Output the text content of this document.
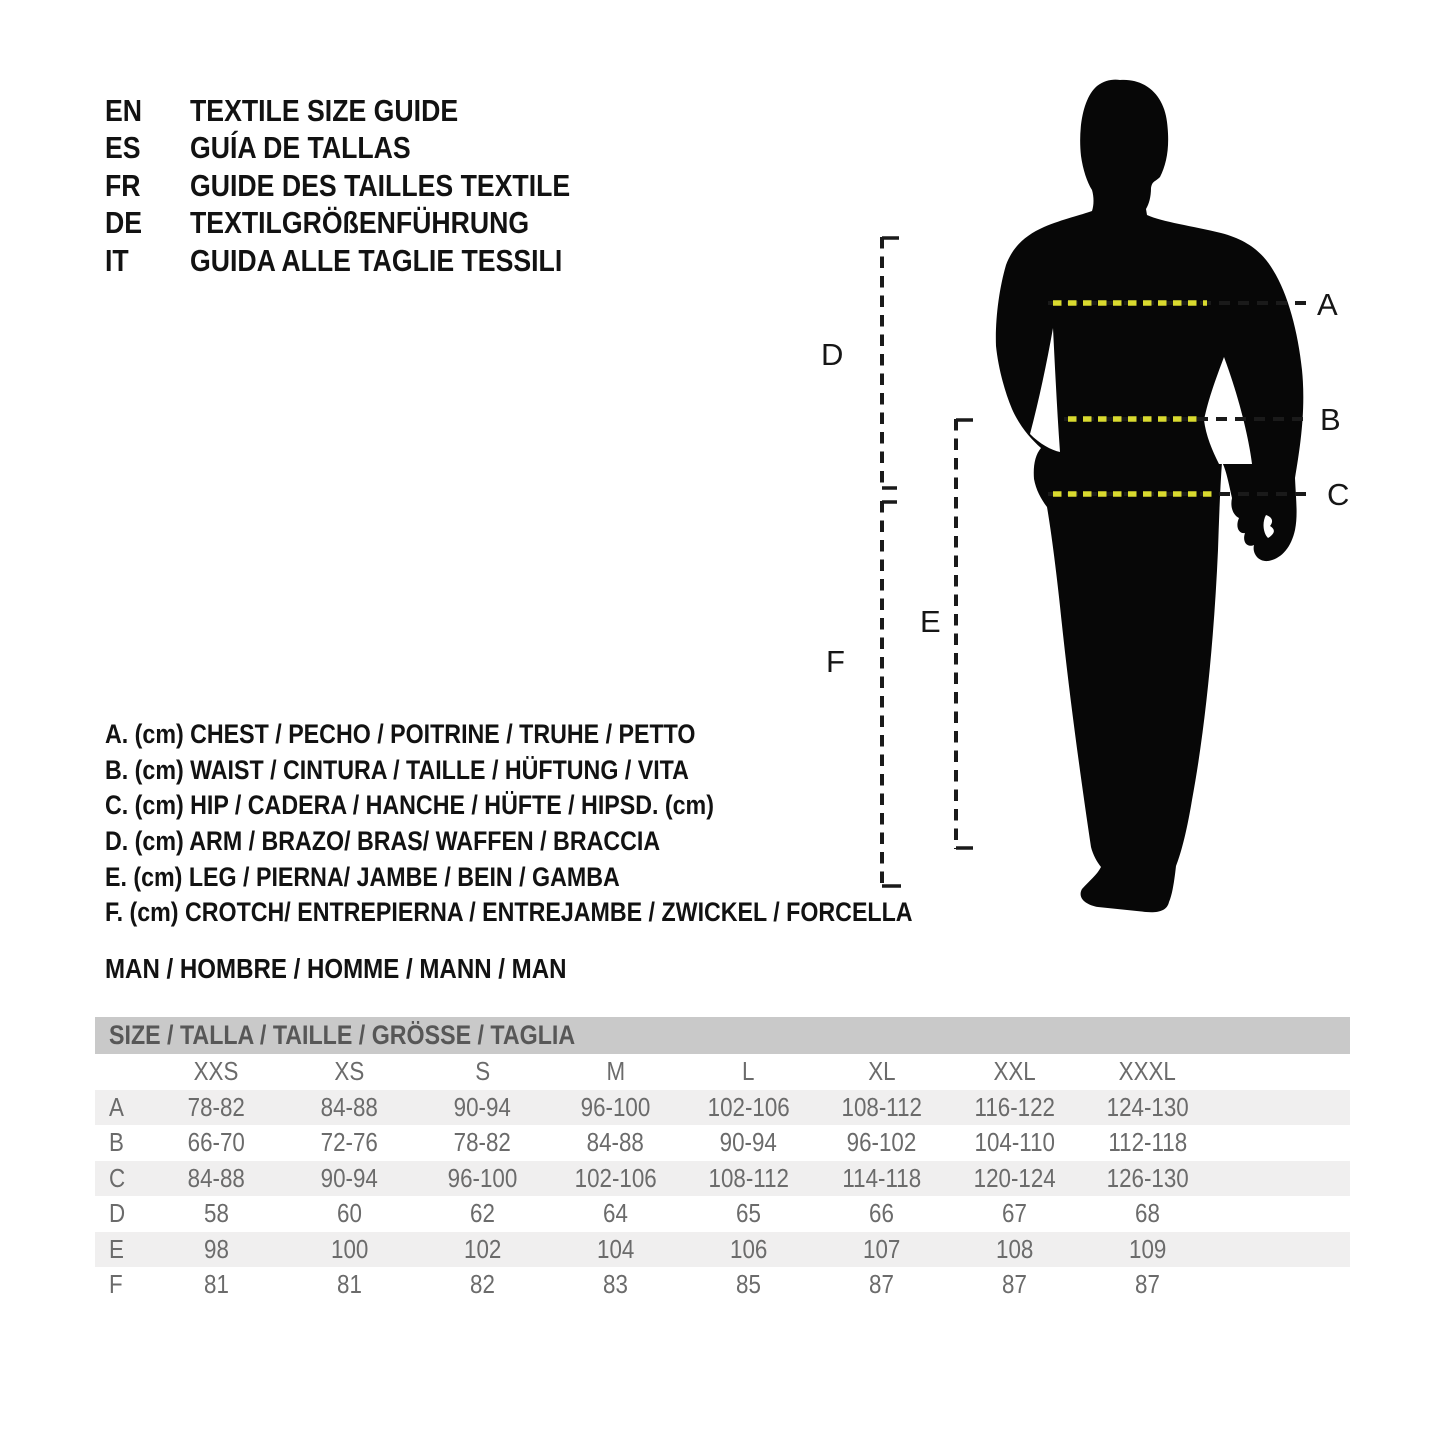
A
B
C
D
E
F
EN	TEXTILE SIZE GUIDE
ES	GUÍA DE TALLAS
FR	GUIDE DES TAILLES TEXTILE
DE	TEXTILGRÖßENFÜHRUNG
IT	GUIDA ALLE TAGLIE TESSILI
A. (cm) CHEST / PECHO / POITRINE / TRUHE / PETTO
B. (cm) WAIST / CINTURA / TAILLE / HÜFTUNG / VITA
C. (cm) HIP / CADERA / HANCHE / HÜFTE / HIPSD. (cm)
D. (cm) ARM / BRAZO/ BRAS/ WAFFEN / BRACCIA
E. (cm) LEG / PIERNA/ JAMBE / BEIN / GAMBA
F. (cm) CROTCH/ ENTREPIERNA / ENTREJAMBE / ZWICKEL / FORCELLA
MAN / HOMBRE / HOMME / MANN / MAN
SIZE / TALLA / TAILLE / GRÖSSE / TAGLIA
XXS	XS	S	M	L	XL	XXL	XXXL
A	78-82	84-88	90-94	96-100	102-106	108-112	116-122	124-130
B	66-70	72-76	78-82	84-88	90-94	96-102	104-110	112-118
C	84-88	90-94	96-100	102-106	108-112	114-118	120-124	126-130
D	58	60	62	64	65	66	67	68
E	98	100	102	104	106	107	108	109
F	81	81	82	83	85	87	87	87
